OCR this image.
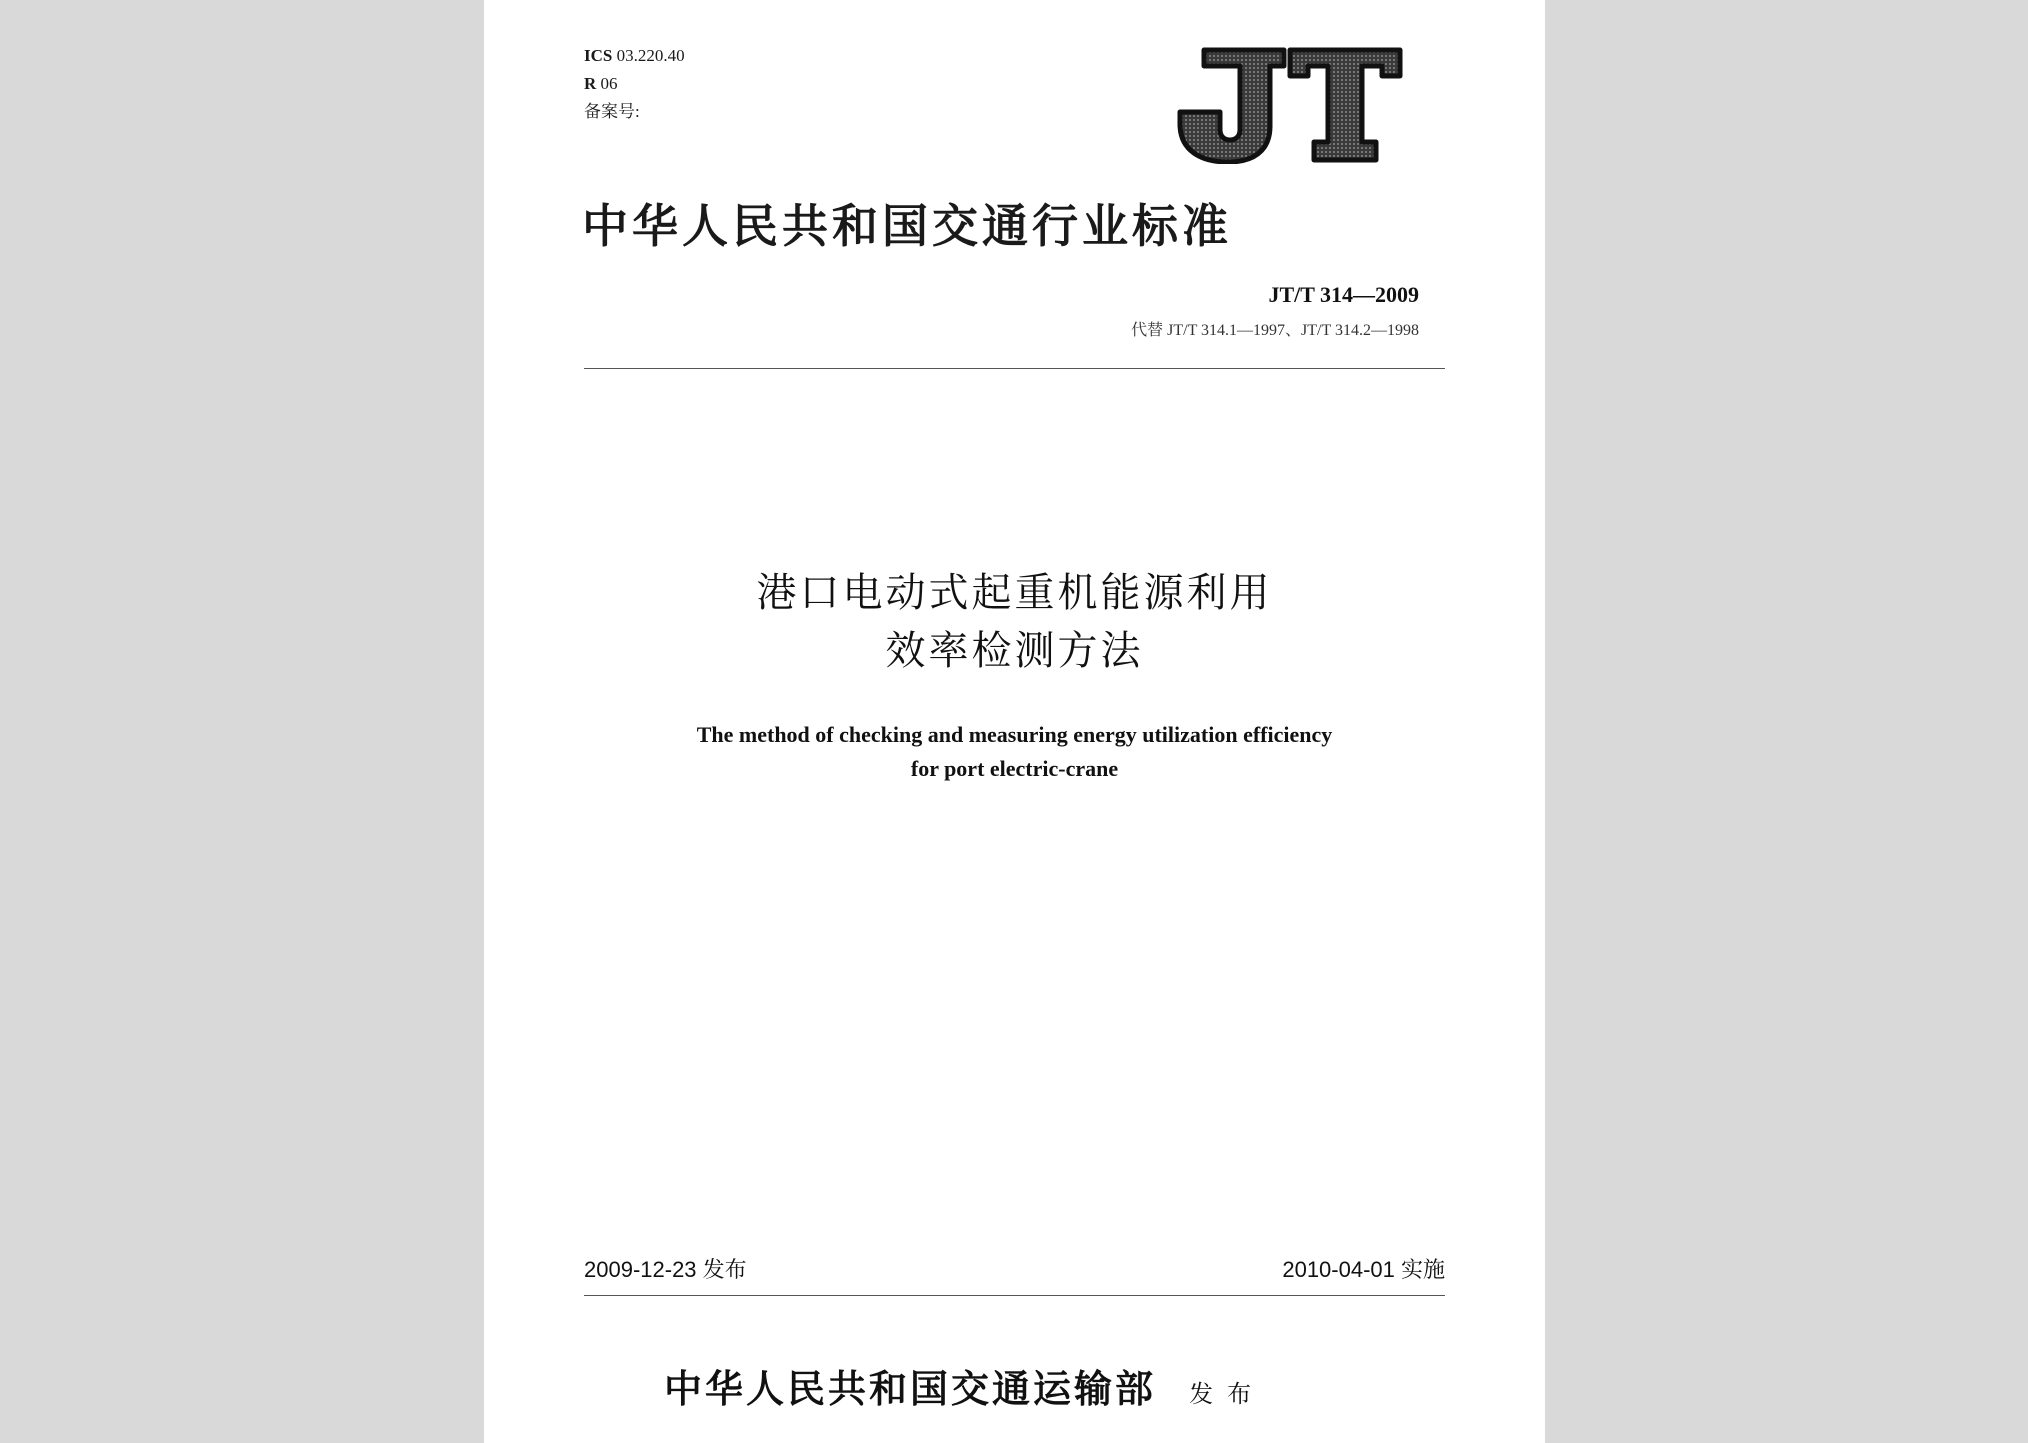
ICS 03.220.40
R 06
备案号:
中华人民共和国交通行业标准
JT/T 314—2009
代替 JT/T 314.1—1997、JT/T 314.2—1998
港口电动式起重机能源利用
效率检测方法
The method of checking and measuring energy utilization efficiency
for port electric-crane
2009-12-23 发布	2010-04-01 实施
中华人民共和国交通运输部 发布
